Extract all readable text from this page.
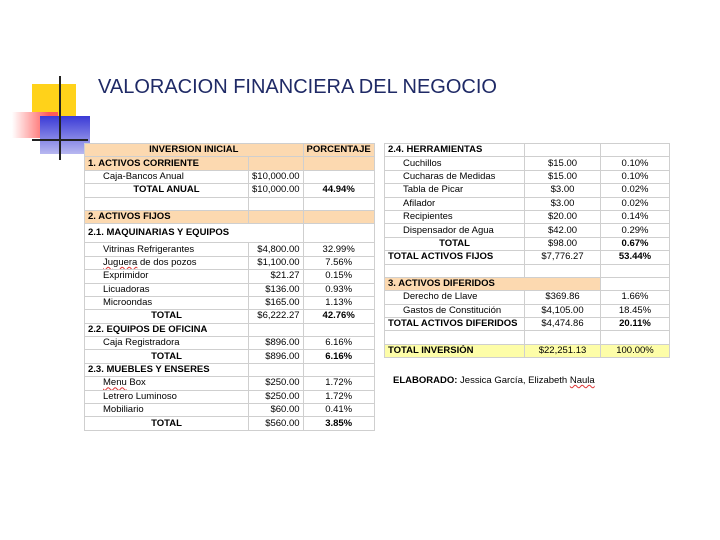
VALORACION FINANCIERA DEL NEGOCIO
INVERSION INICIAL		PORCENTAJE
1. ACTIVOS CORRIENTE		
Caja-Bancos Anual	$10,000.00	
TOTAL ANUAL	$10,000.00	44.94%

2. ACTIVOS FIJOS		
2.1. MAQUINARIAS Y EQUIPOS		
Vitrinas Refrigerantes	$4,800.00	32.99%
Juguera de dos pozos	$1,100.00	7.56%
Exprimidor	$21.27	0.15%
Licuadoras	$136.00	0.93%
Microondas	$165.00	1.13%
TOTAL	$6,222.27	42.76%
2.2. EQUIPOS DE OFICINA		
Caja Registradora	$896.00	6.16%
TOTAL	$896.00	6.16%
2.3. MUEBLES Y ENSERES		
Menu Box	$250.00	1.72%
Letrero Luminoso	$250.00	1.72%
Mobiliario	$60.00	0.41%
TOTAL	$560.00	3.85%
2.4. HERRAMIENTAS		
Cuchillos	$15.00	0.10%
Cucharas de Medidas	$15.00	0.10%
Tabla de Picar	$3.00	0.02%
Afilador	$3.00	0.02%
Recipientes	$20.00	0.14%
Dispensador de Agua	$42.00	0.29%
TOTAL	$98.00	0.67%
TOTAL ACTIVOS FIJOS	$7,776.27	53.44%

3. ACTIVOS DIFERIDOS		
Derecho de Llave	$369.86	1.66%
Gastos de Constitución	$4,105.00	18.45%
TOTAL ACTIVOS DIFERIDOS	$4,474.86	20.11%

TOTAL INVERSIÓN	$22,251.13	100.00%
ELABORADO: Jessica García, Elizabeth Naula
